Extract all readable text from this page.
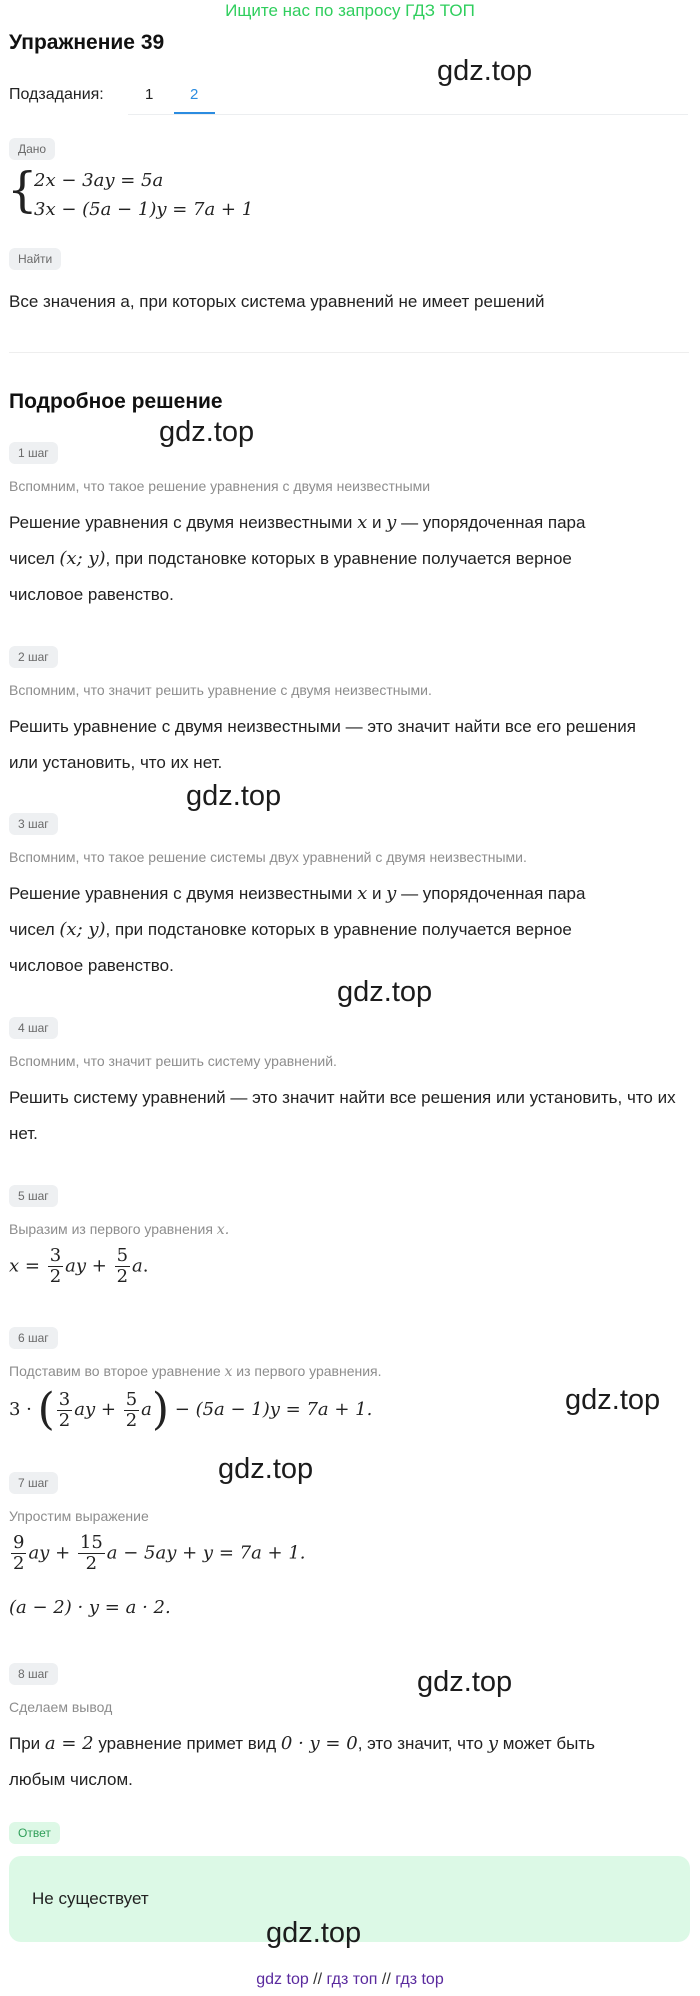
Ищите нас по запросу ГДЗ ТОП
Упражнение 39
Подзадания:	1 2
Дано
{
2x − 3ay = 5a
3x − (5a − 1)y = 7a + 1
Найти
Все значения a, при которых система уравнений не имеет решений
Подробное решение
1 шаг
Вспомним, что такое решение уравнения с двумя неизвестными
Решение уравнения с двумя неизвестными x и y — упорядоченная пара
чисел (x; y), при подстановке которых в уравнение получается верное
числовое равенство.
2 шаг
Вспомним, что значит решить уравнение с двумя неизвестными.
Решить уравнение с двумя неизвестными — это значит найти все его решения или установить, что их нет.
3 шаг
Вспомним, что такое решение системы двух уравнений с двумя неизвестными.
Решение уравнения с двумя неизвестными x и y — упорядоченная пара
чисел (x; y), при подстановке которых в уравнение получается верное
числовое равенство.
4 шаг
Вспомним, что значит решить систему уравнений.
Решить систему уравнений — это значит найти все решения или установить, что их нет.
5 шаг
Выразим из первого уравнения x.
$x = \frac{3}{2}$ ay + $\frac{5}{2} a$.
6 шаг
Подставим во второе уравнение x из первого уравнения.
3 · ( $\frac{3}{2}$ ay + $\frac{5}{2} a) - (5a - 1)y = 7a + 1$.
7 шаг
Упростим выражение
$\frac{9}{2}$ ay + $\frac{15}{2}$ a − 5ay + y = 7a + 1.
(a − 2) · y = a · 2.
8 шаг
Сделаем вывод
При a = 2 уравнение примет вид 0 · y = 0, это значит, что y может быть
любым числом.
Ответ
Не существует
gdz.top
gdz.top
gdz.top
gdz.top
gdz.top
gdz.top
gdz.top
gdz.top
gdz top // гдз топ // гдз top
